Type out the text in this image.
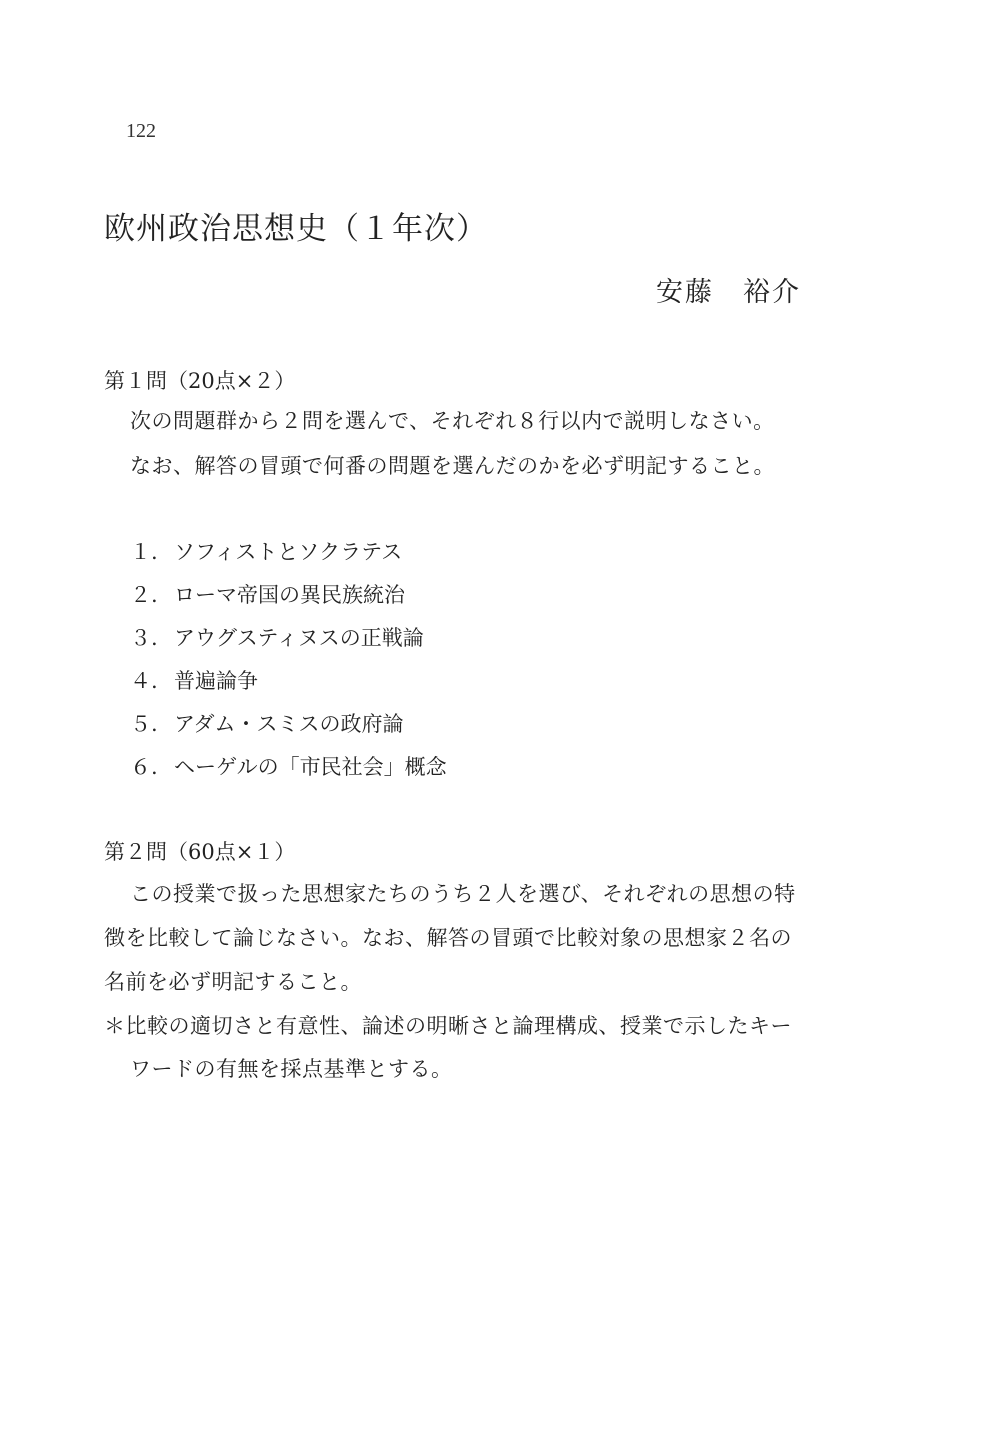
122
欧州政治思想史（１年次）
安藤　裕介
第１問（20点×２）
次の問題群から２問を選んで、それぞれ８行以内で説明しなさい。
なお、解答の冒頭で何番の問題を選んだのかを必ず明記すること。
１. ソフィストとソクラテス
２. ローマ帝国の異民族統治
３. アウグスティヌスの正戦論
４. 普遍論争
５. アダム・スミスの政府論
６. ヘーゲルの「市民社会」概念
第２問（60点×１）
この授業で扱った思想家たちのうち２人を選び、それぞれの思想の特
徴を比較して論じなさい。なお、解答の冒頭で比較対象の思想家２名の
名前を必ず明記すること。
＊比較の適切さと有意性、論述の明晰さと論理構成、授業で示したキー
ワードの有無を採点基準とする。
